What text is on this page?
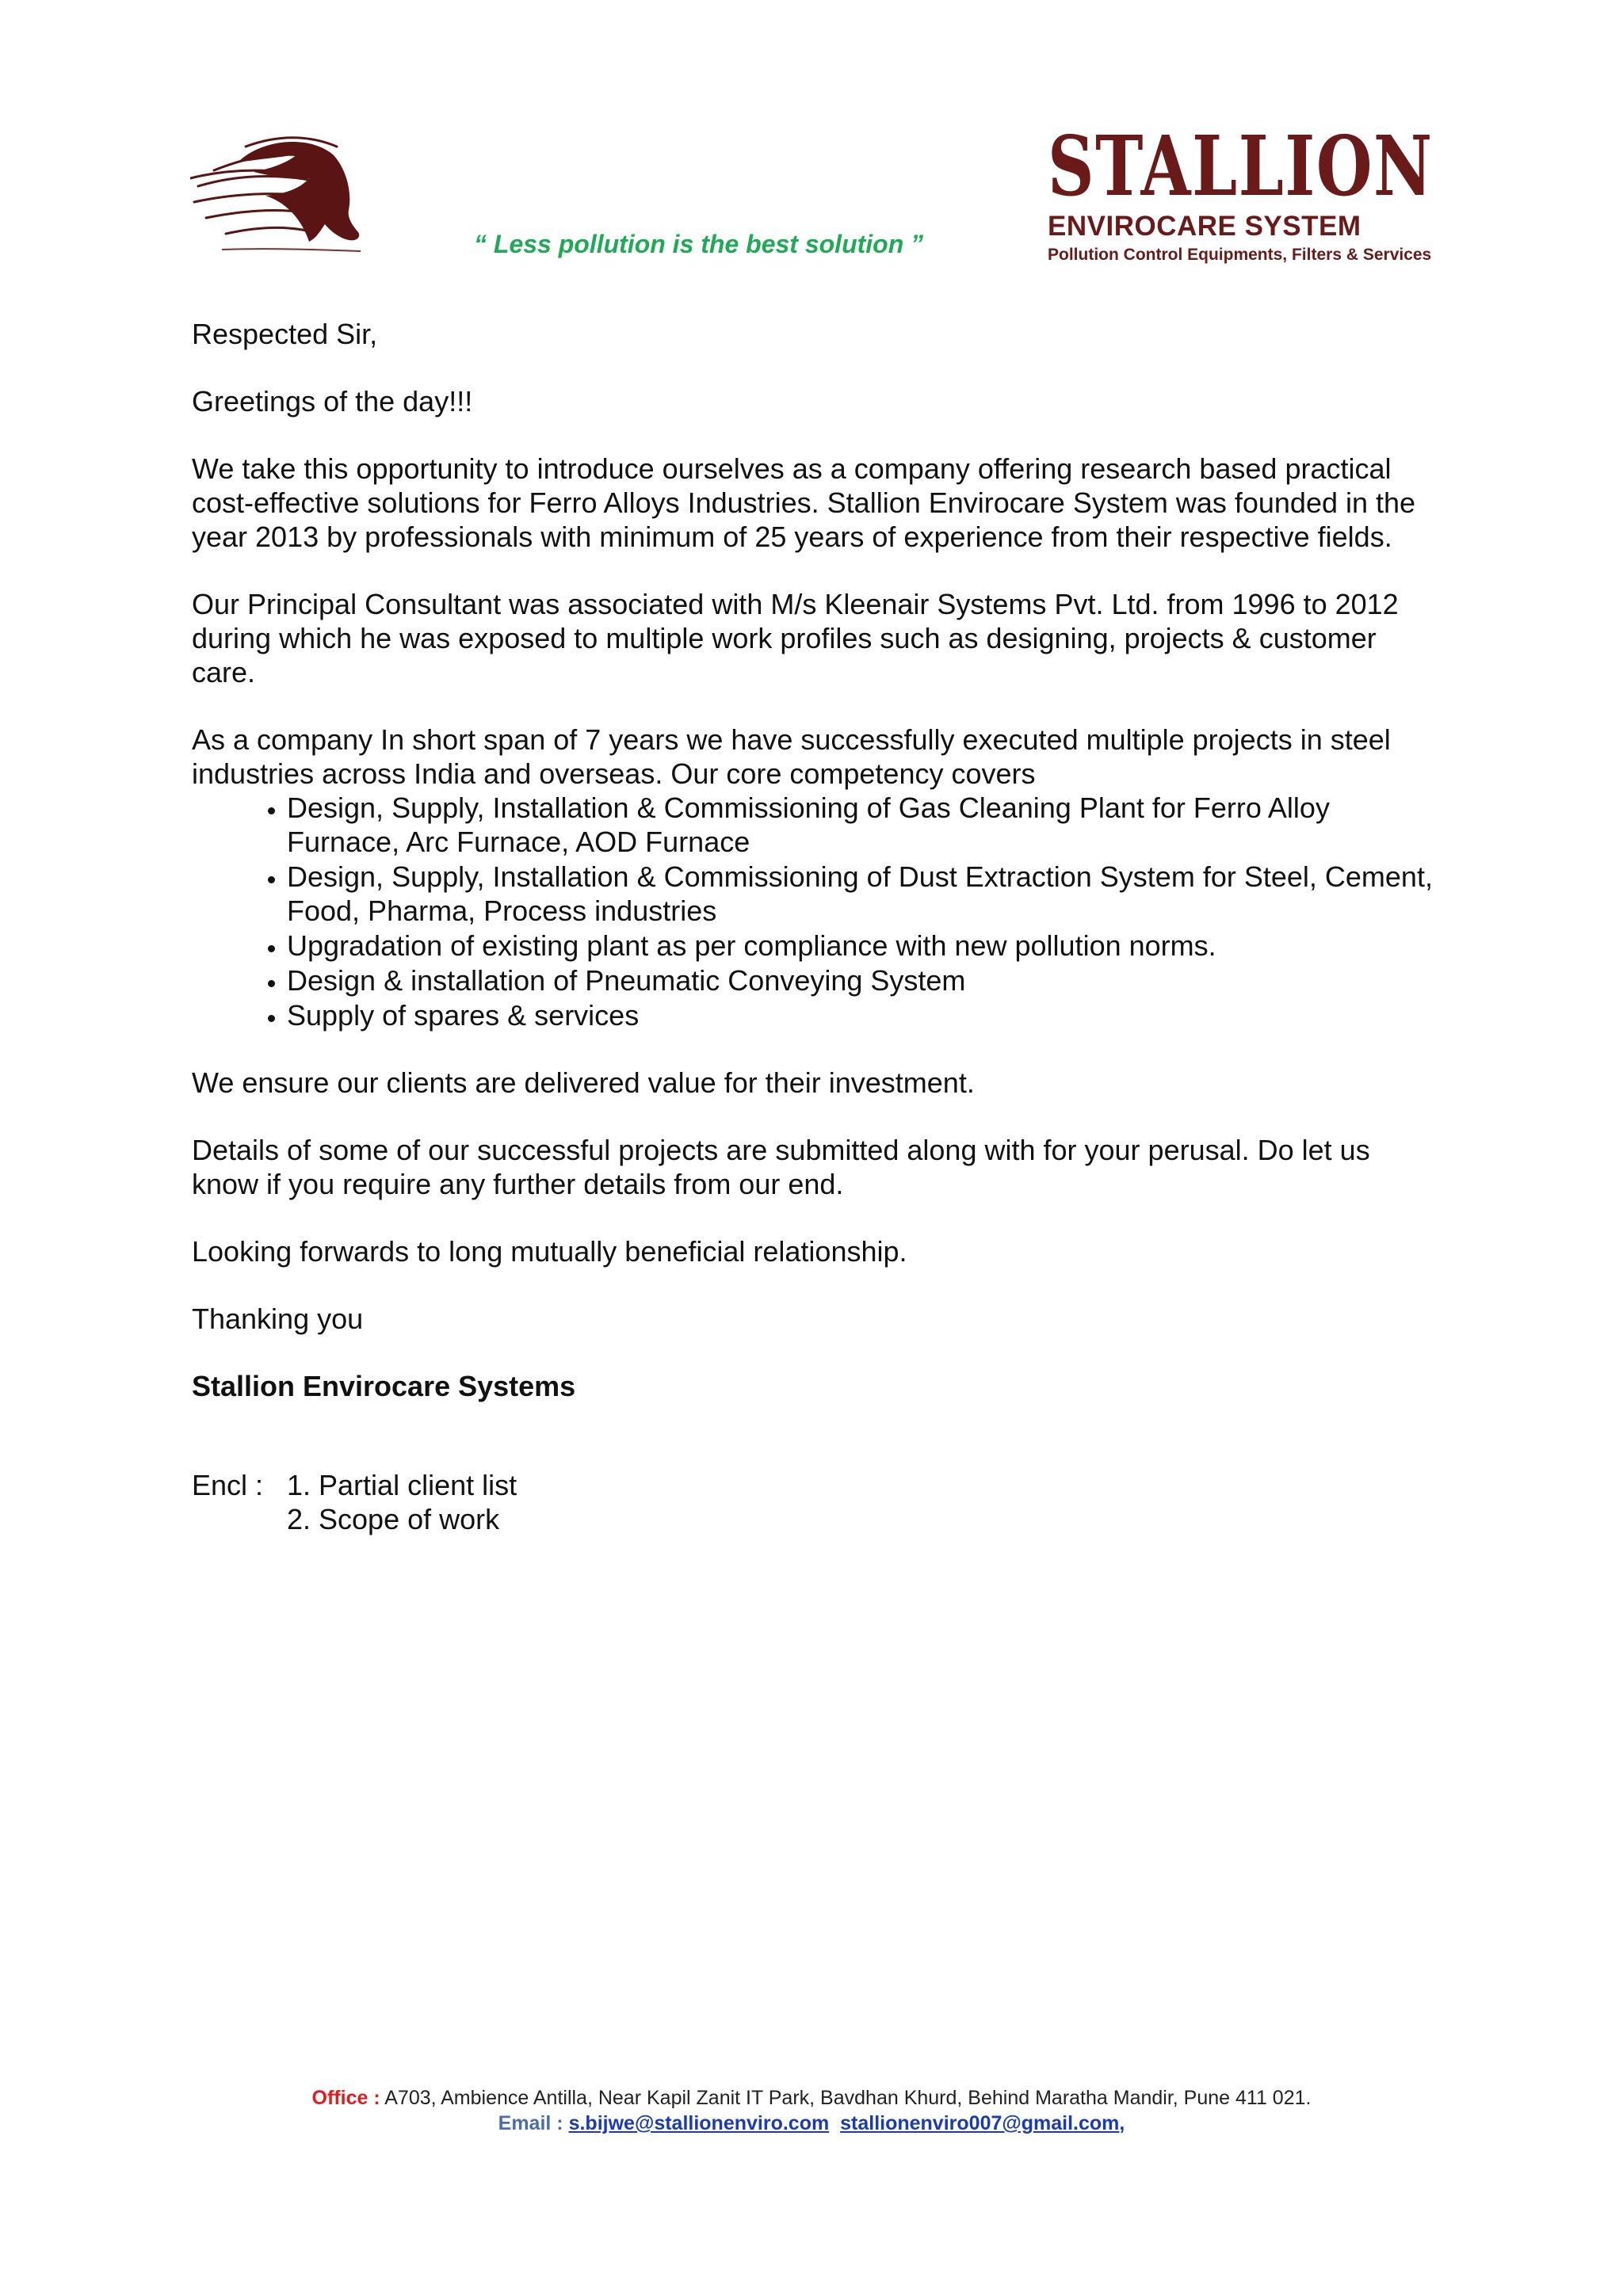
“ Less pollution is the best solution ”
STALLION
ENVIROCARE SYSTEM
Pollution Control Equipments, Filters & Services

Respected Sir,

Greetings of the day!!!

We take this opportunity to introduce ourselves as a company offering research based practical cost-effective solutions for Ferro Alloys Industries. Stallion Envirocare System was founded in the year 2013 by professionals with minimum of 25 years of experience from their respective fields.

Our Principal Consultant was associated with M/s Kleenair Systems Pvt. Ltd. from 1996 to 2012 during which he was exposed to multiple work profiles such as designing, projects & customer care.

As a company In short span of 7 years we have successfully executed multiple projects in steel industries across India and overseas. Our core competency covers

• Design, Supply, Installation & Commissioning of Gas Cleaning Plant for Ferro Alloy Furnace, Arc Furnace, AOD Furnace
• Design, Supply, Installation & Commissioning of Dust Extraction System for Steel, Cement, Food, Pharma, Process industries
• Upgradation of existing plant as per compliance with new pollution norms.
• Design & installation of Pneumatic Conveying System
• Supply of spares & services

We ensure our clients are delivered value for their investment.

Details of some of our successful projects are submitted along with for your perusal. Do let us know if you require any further details from our end.

Looking forwards to long mutually beneficial relationship.

Thanking you

Stallion Envirocare Systems

Encl : 1. Partial client list
2. Scope of work
Office : A703, Ambience Antilla, Near Kapil Zanit IT Park, Bavdhan Khurd, Behind Maratha Mandir, Pune 411 021.
Email : s.bijwe@stallionenviro.com stallionenviro007@gmail.com,
